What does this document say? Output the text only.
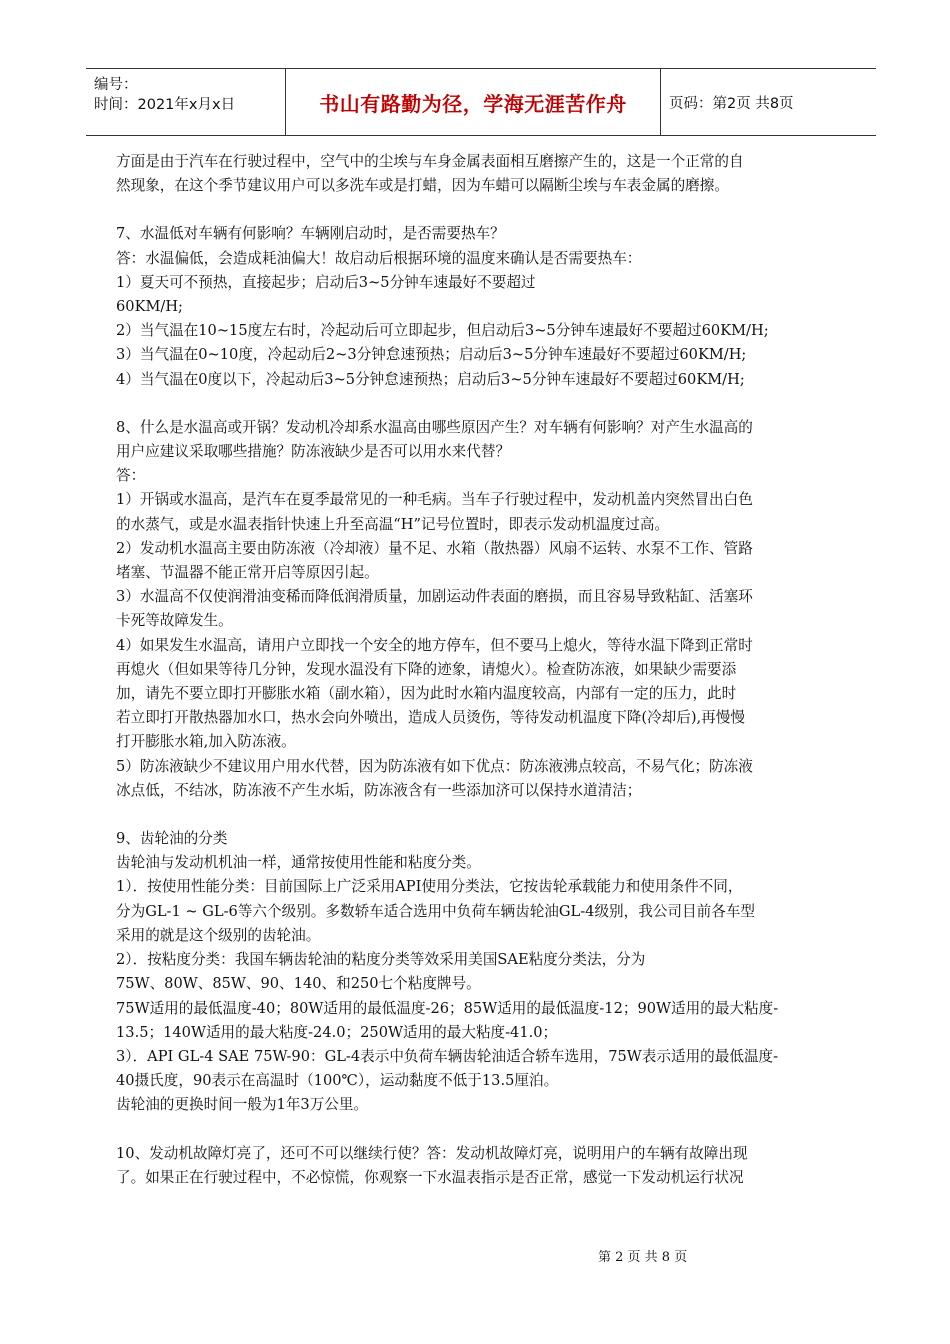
编号：
时间：2021年x月x日	书山有路勤为径，学海无涯苦作舟	页码：第2页 共8页

方面是由于汽车在行驶过程中，空气中的尘埃与车身金属表面相互磨擦产生的，这是一个正常的自

然现象，在这个季节建议用户可以多洗车或是打蜡，因为车蜡可以隔断尘埃与车表金属的磨擦。

7、水温低对车辆有何影响？车辆刚启动时，是否需要热车？

答：水温偏低，会造成耗油偏大！故启动后根据环境的温度来确认是否需要热车：

1）夏天可不预热，直接起步；启动后3~5分钟车速最好不要超过

60KM/H;

2）当气温在10~15度左右时，冷起动后可立即起步，但启动后3~5分钟车速最好不要超过60KM/H;

3）当气温在0~10度，冷起动后2~3分钟怠速预热；启动后3~5分钟车速最好不要超过60KM/H;

4）当气温在0度以下，冷起动后3~5分钟怠速预热；启动后3~5分钟车速最好不要超过60KM/H;

8、什么是水温高或开锅？发动机冷却系水温高由哪些原因产生？对车辆有何影响？对产生水温高的

用户应建议采取哪些措施？防冻液缺少是否可以用水来代替？

答：

1）开锅或水温高，是汽车在夏季最常见的一种毛病。当车子行驶过程中，发动机盖内突然冒出白色

的水蒸气，或是水温表指针快速上升至高温“H”记号位置时，即表示发动机温度过高。

2）发动机水温高主要由防冻液（冷却液）量不足、水箱（散热器）风扇不运转、水泵不工作、管路

堵塞、节温器不能正常开启等原因引起。

3）水温高不仅使润滑油变稀而降低润滑质量，加剧运动件表面的磨损，而且容易导致粘缸、活塞环

卡死等故障发生。

4）如果发生水温高，请用户立即找一个安全的地方停车，但不要马上熄火，等待水温下降到正常时

再熄火（但如果等待几分钟，发现水温没有下降的迹象，请熄火）。检查防冻液，如果缺少需要添

加，请先不要立即打开膨胀水箱（副水箱），因为此时水箱内温度较高，内部有一定的压力，此时

若立即打开散热器加水口，热水会向外喷出，造成人员烫伤，等待发动机温度下降(冷却后),再慢慢

打开膨胀水箱,加入防冻液。

5）防冻液缺少不建议用户用水代替，因为防冻液有如下优点：防冻液沸点较高，不易气化；防冻液

冰点低，不结冰，防冻液不产生水垢，防冻液含有一些添加济可以保持水道清洁；

9、齿轮油的分类

齿轮油与发动机机油一样，通常按使用性能和粘度分类。

1）．按使用性能分类：目前国际上广泛采用API使用分类法，它按齿轮承载能力和使用条件不同，

分为GL-1 ~ GL-6等六个级别。多数轿车适合选用中负荷车辆齿轮油GL-4级别，我公司目前各车型

采用的就是这个级别的齿轮油。

2）．按粘度分类：我国车辆齿轮油的粘度分类等效采用美国SAE粘度分类法，分为

75W、80W、85W、90、140、和250七个粘度牌号。

75W适用的最低温度-40；80W适用的最低温度-26；85W适用的最低温度-12；90W适用的最大粘度-

13.5；140W适用的最大粘度-24.0；250W适用的最大粘度-41.0；

3）．API GL-4 SAE 75W-90：GL-4表示中负荷车辆齿轮油适合轿车选用，75W表示适用的最低温度-

40摄氏度，90表示在高温时（100℃），运动黏度不低于13.5厘泊。

齿轮油的更换时间一般为1年3万公里。

10、发动机故障灯亮了，还可不可以继续行使？答：发动机故障灯亮，说明用户的车辆有故障出现

了。如果正在行驶过程中，不必惊慌，你观察一下水温表指示是否正常，感觉一下发动机运行状况

第 2 页 共 8 页
